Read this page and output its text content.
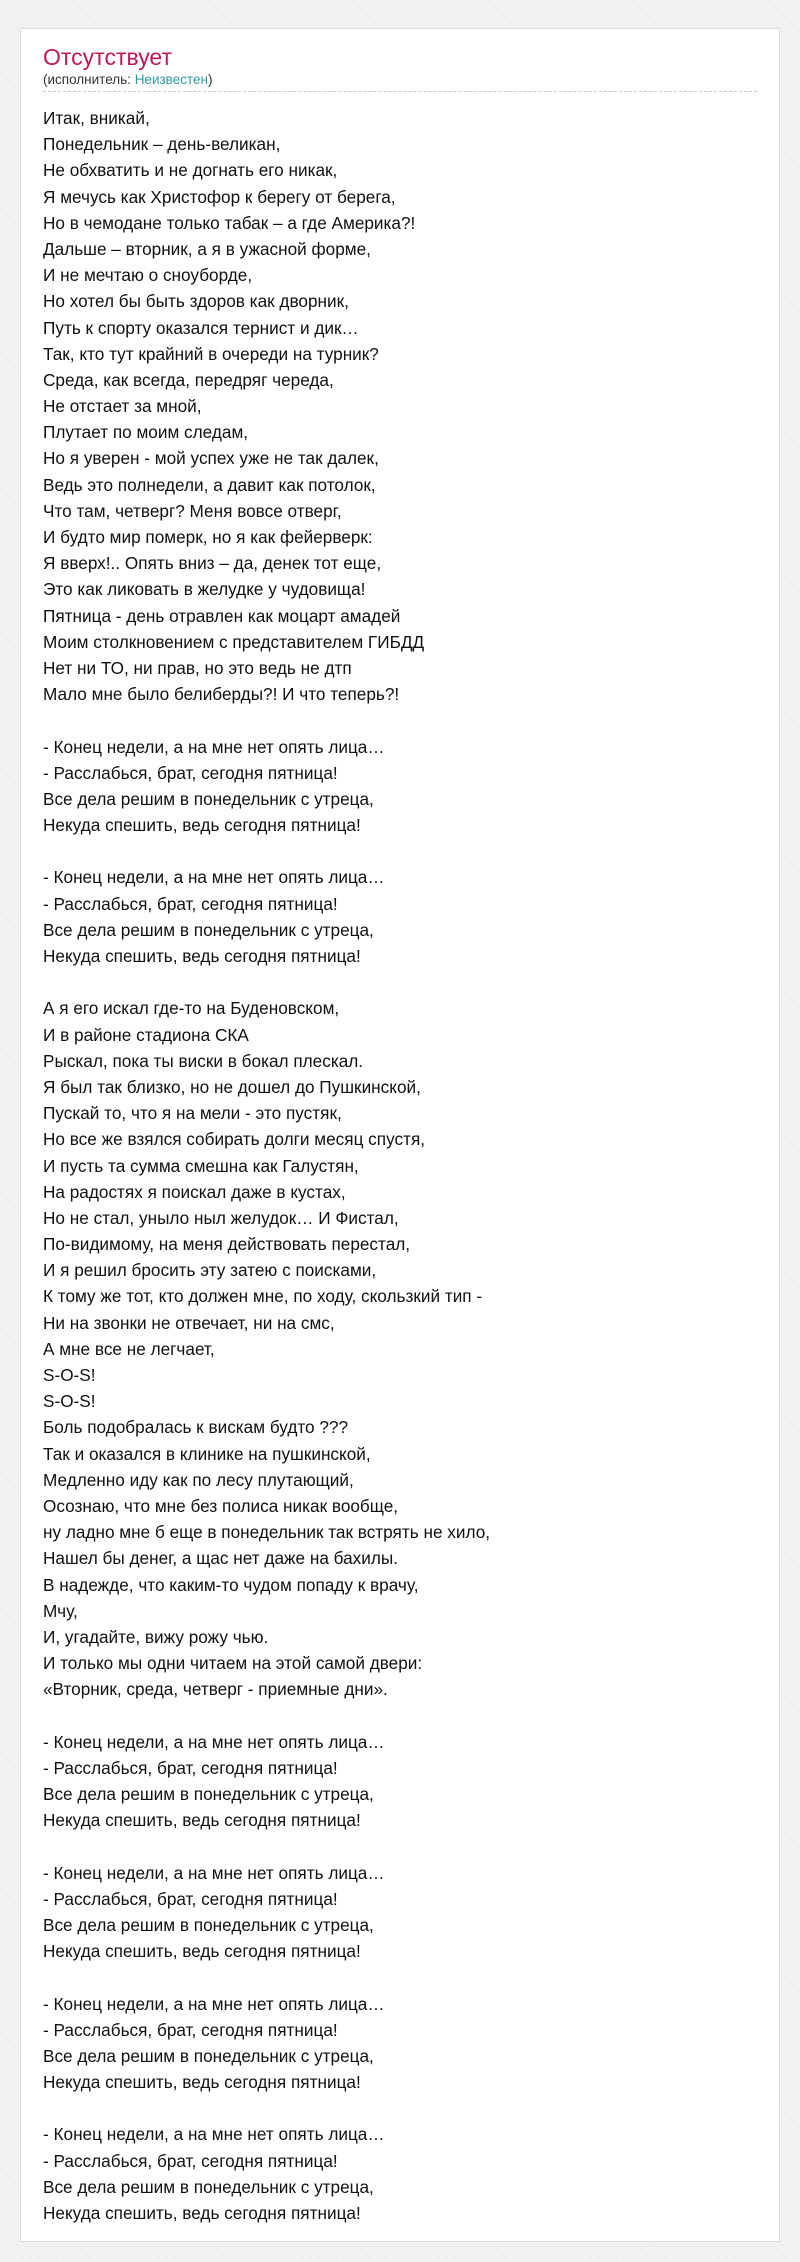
Отсутствует
(исполнитель: Неизвестен)
Итак, вникай,
Понедельник – день-великан,
Не обхватить и не догнать его никак,
Я мечусь как Христофор к берегу от берега,
Но в чемодане только табак – а где Америка?!
Дальше – вторник, а я в ужасной форме,
И не мечтаю о сноуборде,
Но хотел бы быть здоров как дворник,
Путь к спорту оказался тернист и дик…
Так, кто тут крайний в очереди на турник?
Среда, как всегда, передряг череда,
Не отстает за мной,
Плутает по моим следам,
Но я уверен - мой успех уже не так далек,
Ведь это полнедели, а давит как потолок,
Что там, четверг? Меня вовсе отверг,
И будто мир померк, но я как фейерверк:
Я вверх!.. Опять вниз – да, денек тот еще,
Это как ликовать в желудке у чудовища!
Пятница - день отравлен как моцарт амадей
Моим столкновением с представителем ГИБДД
Нет ни ТО, ни прав, но это ведь не дтп
Мало мне было белиберды?! И что теперь?!
- Конец недели, а на мне нет опять лица…
- Расслабься, брат, сегодня пятница!
Все дела решим в понедельник с утреца,
Некуда спешить, ведь сегодня пятница!
- Конец недели, а на мне нет опять лица…
- Расслабься, брат, сегодня пятница!
Все дела решим в понедельник с утреца,
Некуда спешить, ведь сегодня пятница!
А я его искал где-то на Буденовском,
И в районе стадиона СКА
Рыскал, пока ты виски в бокал плескал.
Я был так близко, но не дошел до Пушкинской,
Пускай то, что я на мели - это пустяк,
Но все же взялся собирать долги месяц спустя,
И пусть та сумма смешна как Галустян,
На радостях я поискал даже в кустах,
Но не стал, уныло ныл желудок… И Фистал,
По-видимому, на меня действовать перестал,
И я решил бросить эту затею с поисками,
К тому же тот, кто должен мне, по ходу, скользкий тип -
Ни на звонки не отвечает, ни на смс,
А мне все не легчает,
S-O-S!
S-O-S!
Боль подобралась к вискам будто ???
Так и оказался в клинике на пушкинской,
Медленно иду как по лесу плутающий,
Осознаю, что мне без полиса никак вообще,
ну ладно мне б еще в понедельник так встрять не хило,
Нашел бы денег, а щас нет даже на бахилы.
В надежде, что каким-то чудом попаду к врачу,
Мчу,
И, угадайте, вижу рожу чью.
И только мы одни читаем на этой самой двери:
«Вторник, среда, четверг - приемные дни».
- Конец недели, а на мне нет опять лица…
- Расслабься, брат, сегодня пятница!
Все дела решим в понедельник с утреца,
Некуда спешить, ведь сегодня пятница!
- Конец недели, а на мне нет опять лица…
- Расслабься, брат, сегодня пятница!
Все дела решим в понедельник с утреца,
Некуда спешить, ведь сегодня пятница!
- Конец недели, а на мне нет опять лица…
- Расслабься, брат, сегодня пятница!
Все дела решим в понедельник с утреца,
Некуда спешить, ведь сегодня пятница!
- Конец недели, а на мне нет опять лица…
- Расслабься, брат, сегодня пятница!
Все дела решим в понедельник с утреца,
Некуда спешить, ведь сегодня пятница!
